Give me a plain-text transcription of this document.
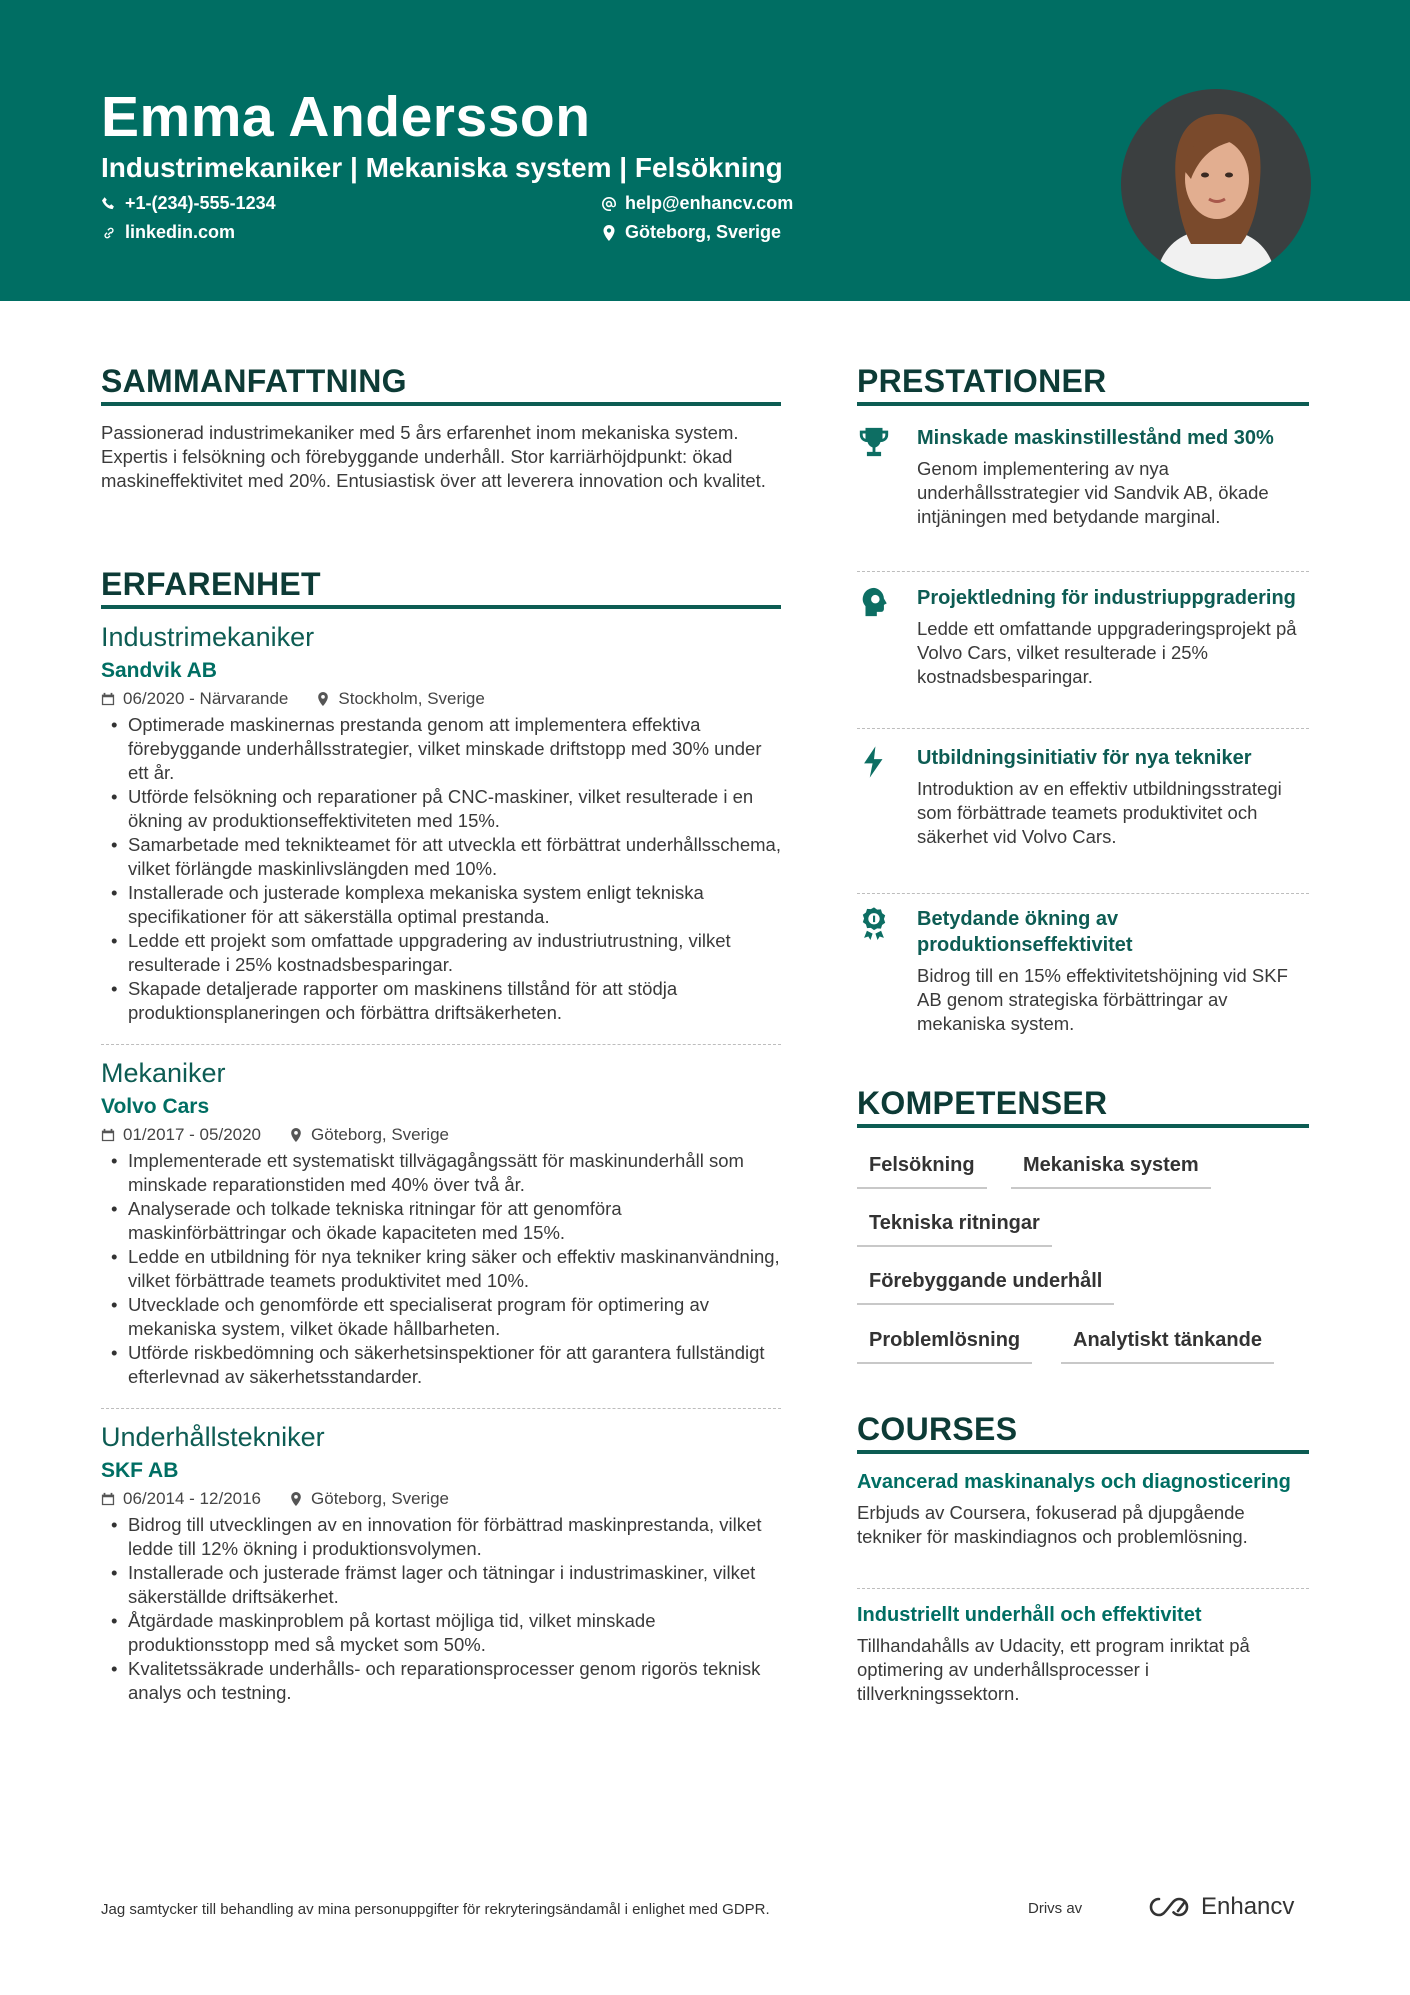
Emma Andersson
Industrimekaniker | Mekaniska system | Felsökning
+1-(234)-555-1234
linkedin.com
help@enhancv.com
Göteborg, Sverige
SAMMANFATTNING
Passionerad industrimekaniker med 5 års erfarenhet inom mekaniska system. Expertis i felsökning och förebyggande underhåll. Stor karriärhöjdpunkt: ökad maskineffektivitet med 20%. Entusiastisk över att leverera innovation och kvalitet.
ERFARENHET
Industrimekaniker
Sandvik AB
06/2020 - Närvarande	Stockholm, Sverige
• Optimerade maskinernas prestanda genom att implementera effektiva förebyggande underhållsstrategier, vilket minskade driftstopp med 30% under ett år.
• Utförde felsökning och reparationer på CNC-maskiner, vilket resulterade i en ökning av produktionseffektiviteten med 15%.
• Samarbetade med teknikteamet för att utveckla ett förbättrat underhållsschema, vilket förlängde maskinlivslängden med 10%.
• Installerade och justerade komplexa mekaniska system enligt tekniska specifikationer för att säkerställa optimal prestanda.
• Ledde ett projekt som omfattade uppgradering av industriutrustning, vilket resulterade i 25% kostnadsbesparingar.
• Skapade detaljerade rapporter om maskinens tillstånd för att stödja produktionsplaneringen och förbättra driftsäkerheten.
Mekaniker
Volvo Cars
01/2017 - 05/2020	Göteborg, Sverige
• Implementerade ett systematiskt tillvägagångssätt för maskinunderhåll som minskade reparationstiden med 40% över två år.
• Analyserade och tolkade tekniska ritningar för att genomföra maskinförbättringar och ökade kapaciteten med 15%.
• Ledde en utbildning för nya tekniker kring säker och effektiv maskinanvändning, vilket förbättrade teamets produktivitet med 10%.
• Utvecklade och genomförde ett specialiserat program för optimering av mekaniska system, vilket ökade hållbarheten.
• Utförde riskbedömning och säkerhetsinspektioner för att garantera fullständigt efterlevnad av säkerhetsstandarder.
Underhållstekniker
SKF AB
06/2014 - 12/2016	Göteborg, Sverige
• Bidrog till utvecklingen av en innovation för förbättrad maskinprestanda, vilket ledde till 12% ökning i produktionsvolymen.
• Installerade och justerade främst lager och tätningar i industrimaskiner, vilket säkerställde driftsäkerhet.
• Åtgärdade maskinproblem på kortast möjliga tid, vilket minskade produktionsstopp med så mycket som 50%.
• Kvalitetssäkrade underhålls- och reparationsprocesser genom rigorös teknisk analys och testning.
PRESTATIONER
Minskade maskinstillestånd med 30%
Genom implementering av nya underhållsstrategier vid Sandvik AB, ökade intjäningen med betydande marginal.
Projektledning för industriuppgradering
Ledde ett omfattande uppgraderingsprojekt på Volvo Cars, vilket resulterade i 25% kostnadsbesparingar.
Utbildningsinitiativ för nya tekniker
Introduktion av en effektiv utbildningsstrategi som förbättrade teamets produktivitet och säkerhet vid Volvo Cars.
Betydande ökning av produktionseffektivitet
Bidrog till en 15% effektivitetshöjning vid SKF AB genom strategiska förbättringar av mekaniska system.
KOMPETENSER
Felsökning	Mekaniska system
Tekniska ritningar
Förebyggande underhåll
Problemlösning	Analytiskt tänkande
COURSES
Avancerad maskinanalys och diagnosticering
Erbjuds av Coursera, fokuserad på djupgående tekniker för maskindiagnos och problemlösning.
Industriellt underhåll och effektivitet
Tillhandahålls av Udacity, ett program inriktat på optimering av underhållsprocesser i tillverkningssektorn.
Jag samtycker till behandling av mina personuppgifter för rekryteringsändamål i enlighet med GDPR.	Drivs av	Enhancv
